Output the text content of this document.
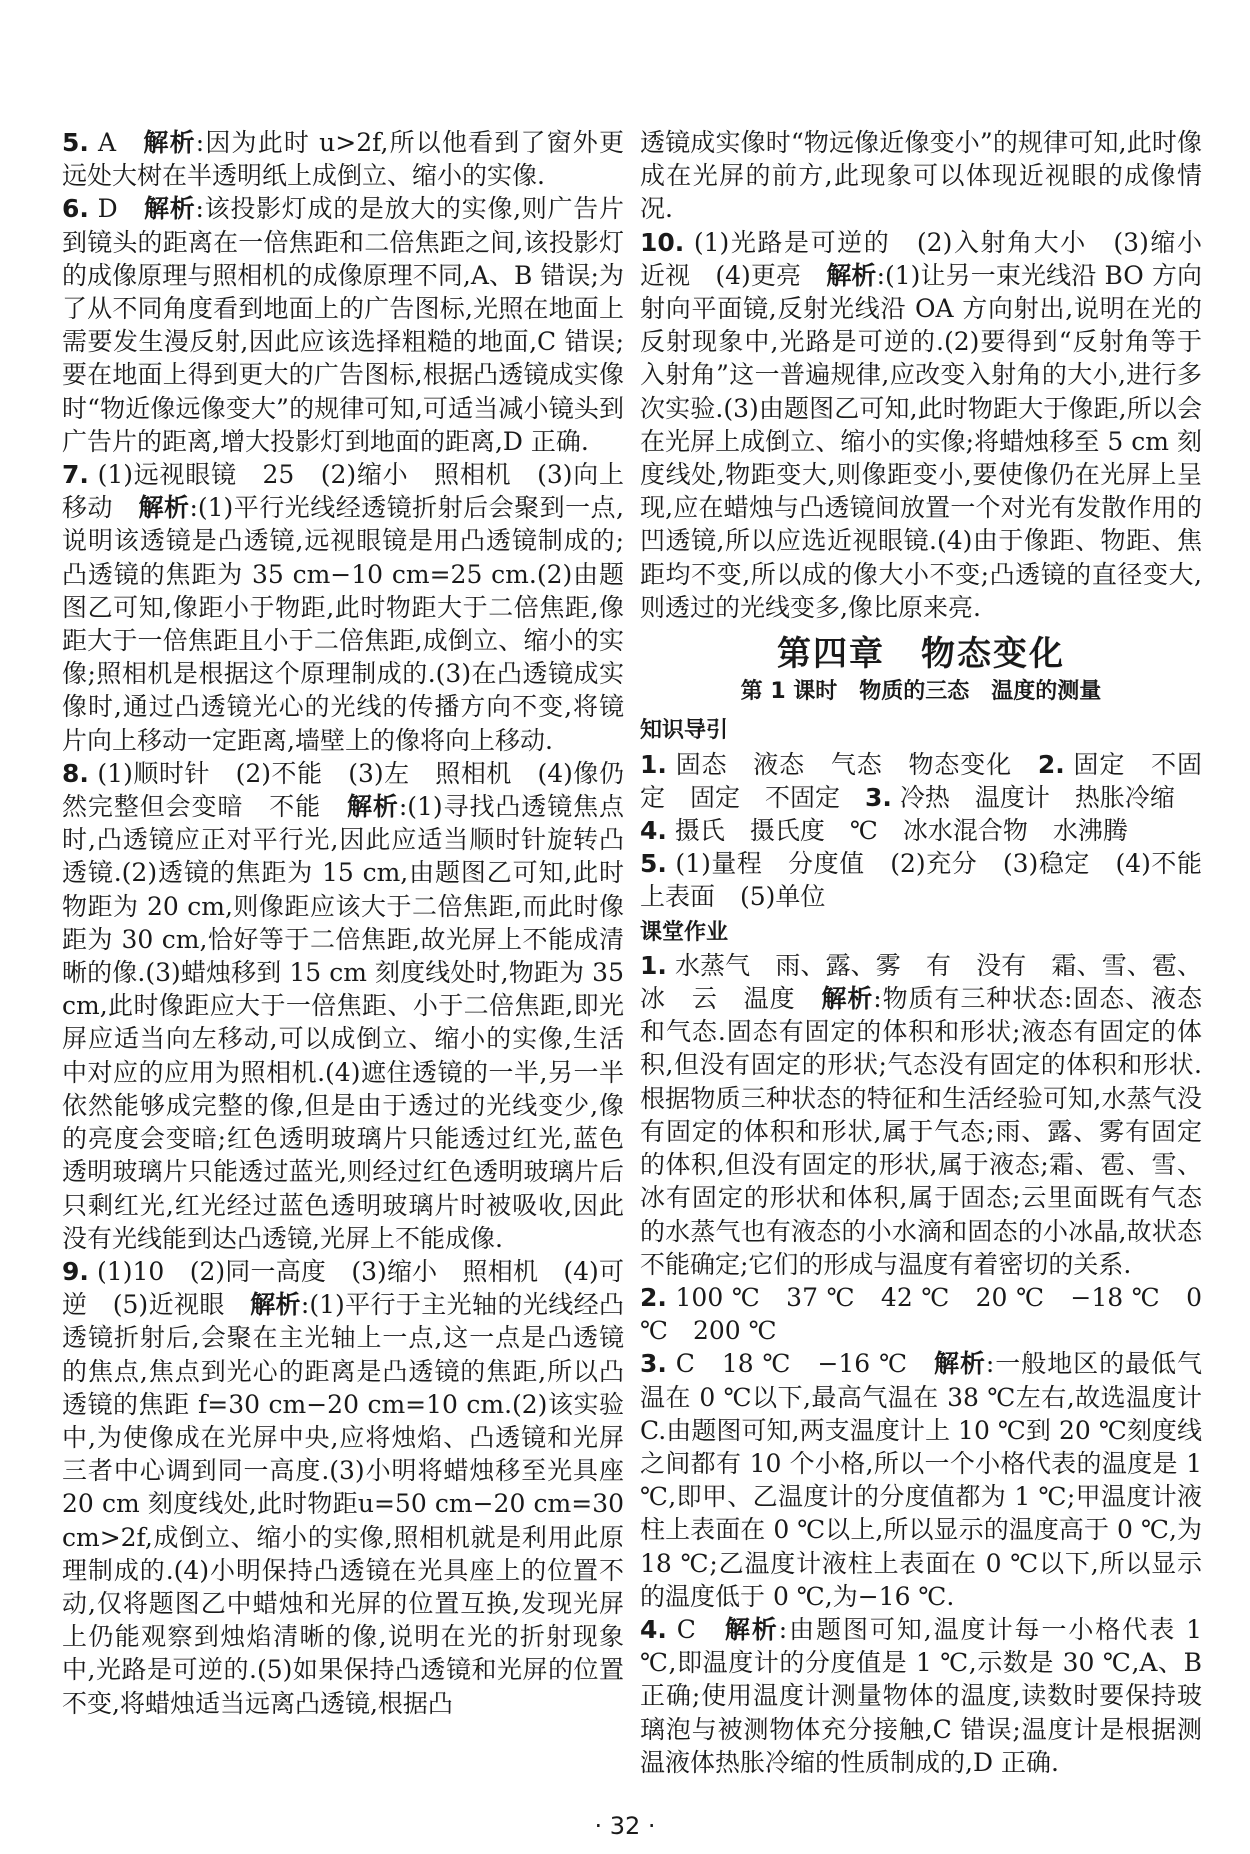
5. A　解析:因为此时 u>2f,所以他看到了窗外更远处大树在半透明纸上成倒立、缩小的实像.

6. D　解析:该投影灯成的是放大的实像,则广告片到镜头的距离在一倍焦距和二倍焦距之间,该投影灯的成像原理与照相机的成像原理不同,A、B 错误;为了从不同角度看到地面上的广告图标,光照在地面上需要发生漫反射,因此应该选择粗糙的地面,C 错误;要在地面上得到更大的广告图标,根据凸透镜成实像时“物近像远像变大”的规律可知,可适当减小镜头到广告片的距离,增大投影灯到地面的距离,D 正确.

7. (1)远视眼镜　25　(2)缩小　照相机　(3)向上移动　解析:(1)平行光线经透镜折射后会聚到一点,说明该透镜是凸透镜,远视眼镜是用凸透镜制成的;凸透镜的焦距为 35 cm−10 cm=25 cm.(2)由题图乙可知,像距小于物距,此时物距大于二倍焦距,像距大于一倍焦距且小于二倍焦距,成倒立、缩小的实像;照相机是根据这个原理制成的.(3)在凸透镜成实像时,通过凸透镜光心的光线的传播方向不变,将镜片向上移动一定距离,墙壁上的像将向上移动.

8. (1)顺时针　(2)不能　(3)左　照相机　(4)像仍然完整但会变暗　不能　解析:(1)寻找凸透镜焦点时,凸透镜应正对平行光,因此应适当顺时针旋转凸透镜.(2)透镜的焦距为 15 cm,由题图乙可知,此时物距为 20 cm,则像距应该大于二倍焦距,而此时像距为 30 cm,恰好等于二倍焦距,故光屏上不能成清晰的像.(3)蜡烛移到 15 cm 刻度线处时,物距为 35 cm,此时像距应大于一倍焦距、小于二倍焦距,即光屏应适当向左移动,可以成倒立、缩小的实像,生活中对应的应用为照相机.(4)遮住透镜的一半,另一半依然能够成完整的像,但是由于透过的光线变少,像的亮度会变暗;红色透明玻璃片只能透过红光,蓝色透明玻璃片只能透过蓝光,则经过红色透明玻璃片后只剩红光,红光经过蓝色透明玻璃片时被吸收,因此没有光线能到达凸透镜,光屏上不能成像.

9. (1)10　(2)同一高度　(3)缩小　照相机　(4)可逆　(5)近视眼　解析:(1)平行于主光轴的光线经凸透镜折射后,会聚在主光轴上一点,这一点是凸透镜的焦点,焦点到光心的距离是凸透镜的焦距,所以凸透镜的焦距 f=30 cm−20 cm=10 cm.(2)该实验中,为使像成在光屏中央,应将烛焰、凸透镜和光屏三者中心调到同一高度.(3)小明将蜡烛移至光具座 20 cm 刻度线处,此时物距u=50 cm−20 cm=30 cm>2f,成倒立、缩小的实像,照相机就是利用此原理制成的.(4)小明保持凸透镜在光具座上的位置不动,仅将题图乙中蜡烛和光屏的位置互换,发现光屏上仍能观察到烛焰清晰的像,说明在光的折射现象中,光路是可逆的.(5)如果保持凸透镜和光屏的位置不变,将蜡烛适当远离凸透镜,根据凸

透镜成实像时“物远像近像变小”的规律可知,此时像成在光屏的前方,此现象可以体现近视眼的成像情况.

10. (1)光路是可逆的　(2)入射角大小　(3)缩小　近视　(4)更亮　解析:(1)让另一束光线沿 BO 方向射向平面镜,反射光线沿 OA 方向射出,说明在光的反射现象中,光路是可逆的.(2)要得到“反射角等于入射角”这一普遍规律,应改变入射角的大小,进行多次实验.(3)由题图乙可知,此时物距大于像距,所以会在光屏上成倒立、缩小的实像;将蜡烛移至 5 cm 刻度线处,物距变大,则像距变小,要使像仍在光屏上呈现,应在蜡烛与凸透镜间放置一个对光有发散作用的凹透镜,所以应选近视眼镜.(4)由于像距、物距、焦距均不变,所以成的像大小不变;凸透镜的直径变大,则透过的光线变多,像比原来亮.

第四章　物态变化
第 1 课时　物质的三态　温度的测量
知识导引

1. 固态　液态　气态　物态变化　2. 固定　不固定　固定　不固定　3. 冷热　温度计　热胀冷缩

4. 摄氏　摄氏度　℃　冰水混合物　水沸腾

5. (1)量程　分度值　(2)充分　(3)稳定　(4)不能上表面　(5)单位

课堂作业

1. 水蒸气　雨、露、雾　有　没有　霜、雪、雹、冰　云　温度　解析:物质有三种状态:固态、液态和气态.固态有固定的体积和形状;液态有固定的体积,但没有固定的形状;气态没有固定的体积和形状.根据物质三种状态的特征和生活经验可知,水蒸气没有固定的体积和形状,属于气态;雨、露、雾有固定的体积,但没有固定的形状,属于液态;霜、雹、雪、冰有固定的形状和体积,属于固态;云里面既有气态的水蒸气也有液态的小水滴和固态的小冰晶,故状态不能确定;它们的形成与温度有着密切的关系.

2. 100 ℃　37 ℃　42 ℃　20 ℃　−18 ℃　0 ℃　200 ℃

3. C　18 ℃　−16 ℃　解析:一般地区的最低气温在 0 ℃以下,最高气温在 38 ℃左右,故选温度计 C.由题图可知,两支温度计上 10 ℃到 20 ℃刻度线之间都有 10 个小格,所以一个小格代表的温度是 1 ℃,即甲、乙温度计的分度值都为 1 ℃;甲温度计液柱上表面在 0 ℃以上,所以显示的温度高于 0 ℃,为 18 ℃;乙温度计液柱上表面在 0 ℃以下,所以显示的温度低于 0 ℃,为−16 ℃.

4. C　解析:由题图可知,温度计每一小格代表 1 ℃,即温度计的分度值是 1 ℃,示数是 30 ℃,A、B 正确;使用温度计测量物体的温度,读数时要保持玻璃泡与被测物体充分接触,C 错误;温度计是根据测温液体热胀冷缩的性质制成的,D 正确.

· 32 ·
